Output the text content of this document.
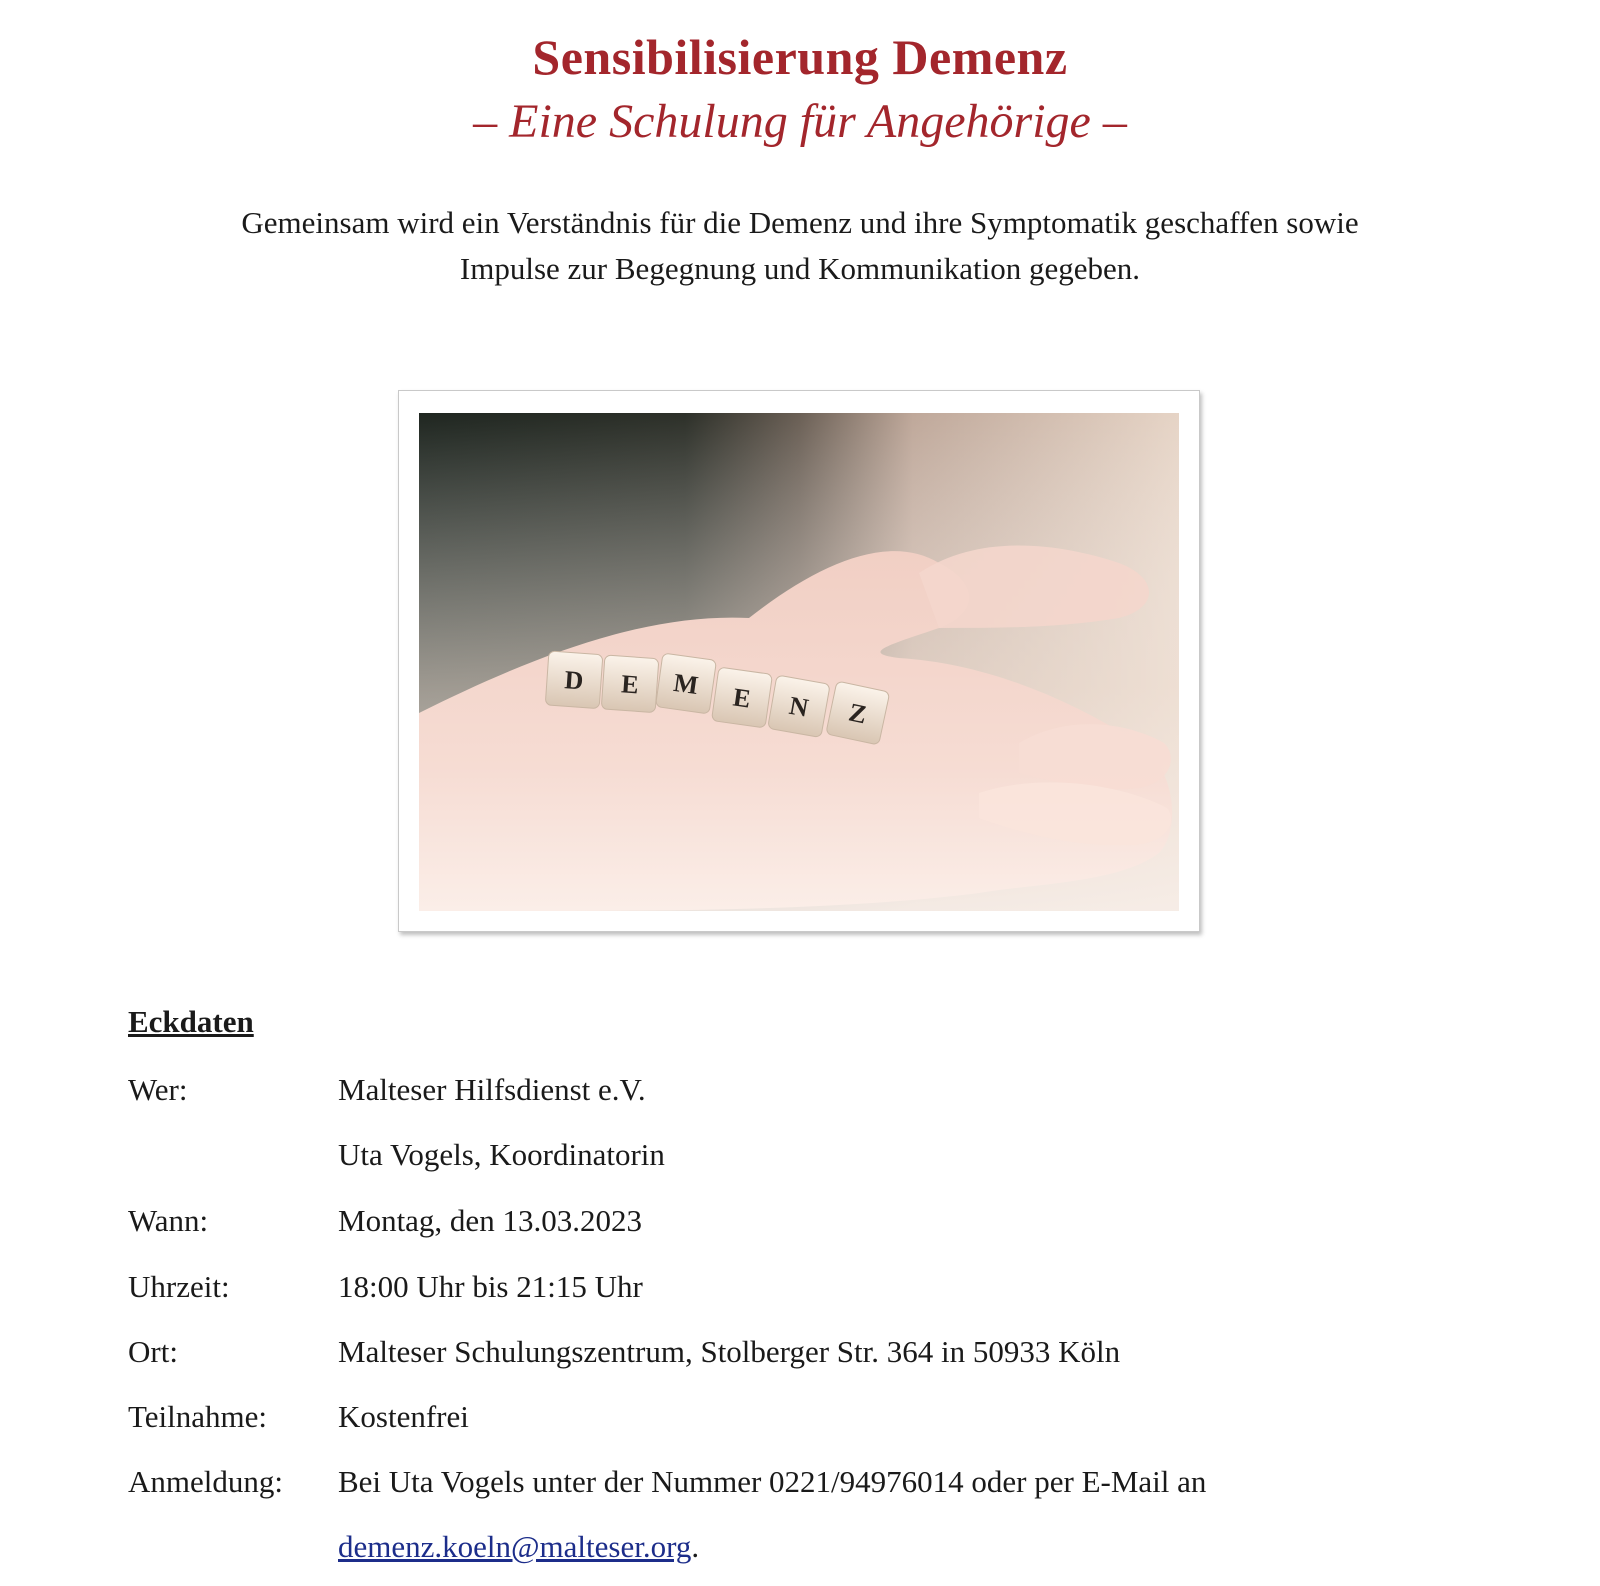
Sensibilisierung Demenz
– Eine Schulung für Angehörige –
Gemeinsam wird ein Verständnis für die Demenz und ihre Symptomatik geschaffen sowie
Impulse zur Begegnung und Kommunikation gegeben.
D E M E N Z
Eckdaten
Wer:	Malteser Hilfsdienst e.V.
Uta Vogels, Koordinatorin
Wann:	Montag, den 13.03.2023
Uhrzeit:	18:00 Uhr bis 21:15 Uhr
Ort:	Malteser Schulungszentrum, Stolberger Str. 364 in 50933 Köln
Teilnahme: Kostenfrei
Anmeldung: Bei Uta Vogels unter der Nummer 0221/94976014 oder per E-Mail an
demenz.koeln@malteser.org.
